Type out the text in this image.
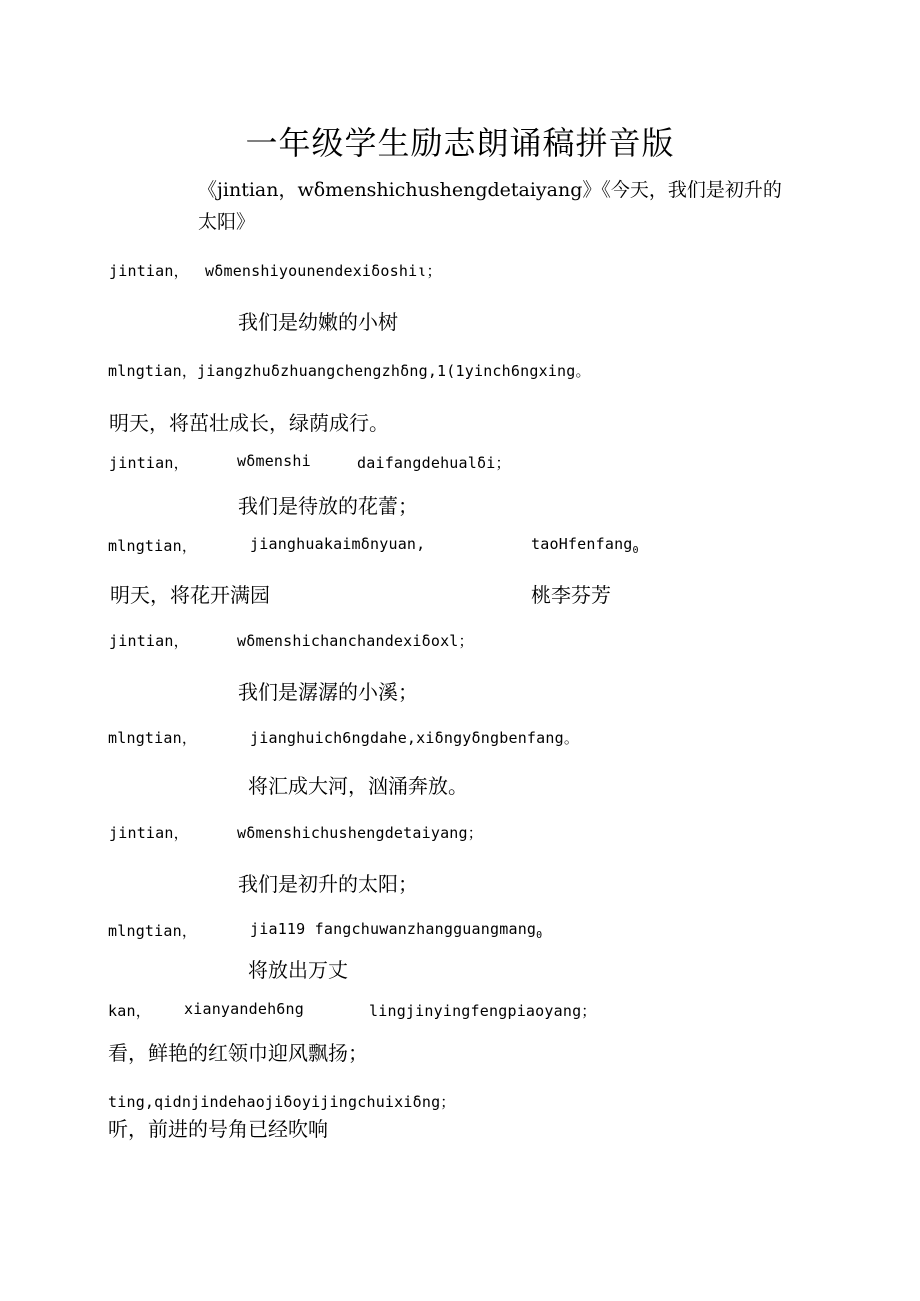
一年级学生励志朗诵稿拼音版
《jintian，wδmenshichushengdetaiyang》《今天，我们是初升的太阳》
jintian， wδmenshiyounendexiδoshiι；
我们是幼嫩的小树
mlngtian，jiangzhuδzhuangchengzhδng,1(1yinch6ngxing。
明天，将茁壮成长，绿荫成行。
jintian，	wδmenshi	daifangdehualδi；
我们是待放的花蕾；
mlngtian，	jianghuakaimδnyuan,	taoHfenfang$_0$
明天，将花开满园	桃李芬芳
jintian，	wδmenshichanchandexiδoxl；
我们是潺潺的小溪；
mlngtian，	jianghuich6ngdahe,xiδngyδngbenfang。
将汇成大河，汹涌奔放。
jintian，	wδmenshichushengdetaiyang；
我们是初升的太阳；
mlngtian，	jia119 fangchuwanzhangguangmang$_0$
将放出万丈
kan， xianyandeh6ng	lingjinyingfengpiaoyang；
看，鲜艳的红领巾迎风飘扬；
ting,qidnjindehaojiδoyijingchuixiδng；
听，前进的号角已经吹响
